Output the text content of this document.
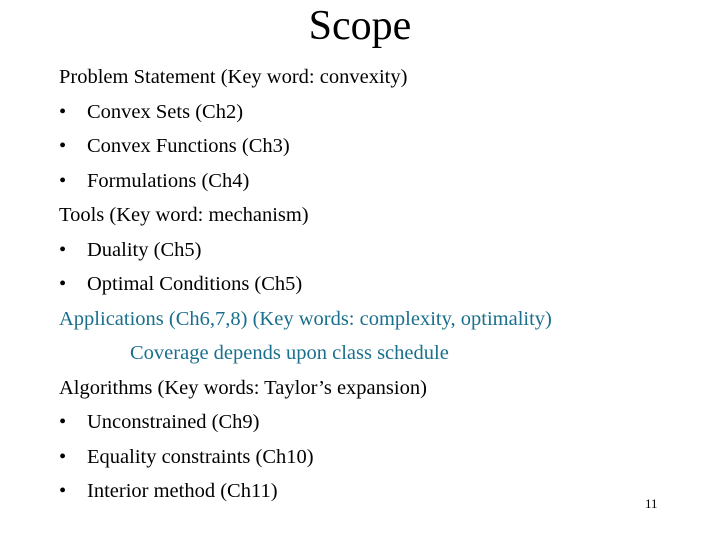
Scope
Problem Statement (Key word: convexity)
• Convex Sets (Ch2)
• Convex Functions (Ch3)
• Formulations (Ch4)
Tools (Key word: mechanism)
• Duality (Ch5)
• Optimal Conditions (Ch5)
Applications (Ch6,7,8) (Key words: complexity, optimality)
Coverage depends upon class schedule
Algorithms (Key words: Taylor’s expansion)
• Unconstrained (Ch9)
• Equality constraints (Ch10)
• Interior method (Ch11)
11
